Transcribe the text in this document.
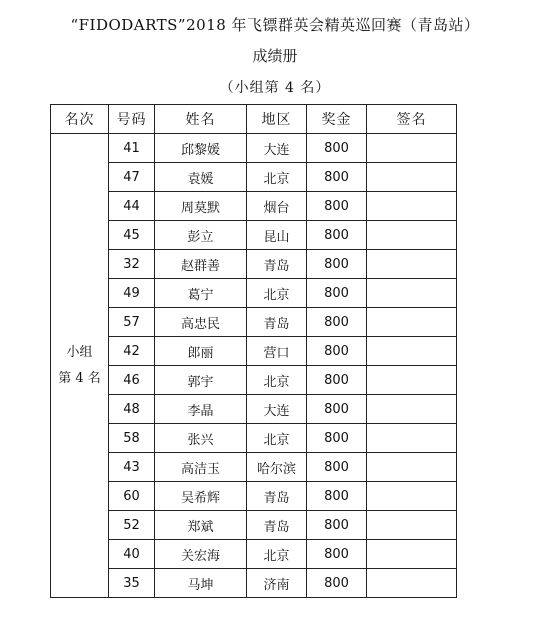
“FIDODARTS”2018 年飞镖群英会精英巡回赛（青岛站）
成绩册
（小组第 4 名）
名次	号码	姓名	地区	奖金	签名

小组
第 4 名	41	邱黎媛	大连	800	
	47	袁媛	北京	800	
	44	周莫默	烟台	800	
	45	彭立	昆山	800	
	32	赵群善	青岛	800	
	49	葛宁	北京	800	
	57	高忠民	青岛	800	
	42	郎丽	营口	800	
	46	郭宇	北京	800	
	48	李晶	大连	800	
	58	张兴	北京	800	
	43	高洁玉	哈尔滨	800	
	60	吴希辉	青岛	800	
	52	郑斌	青岛	800	
	40	关宏海	北京	800	
	35	马坤	济南	800	
